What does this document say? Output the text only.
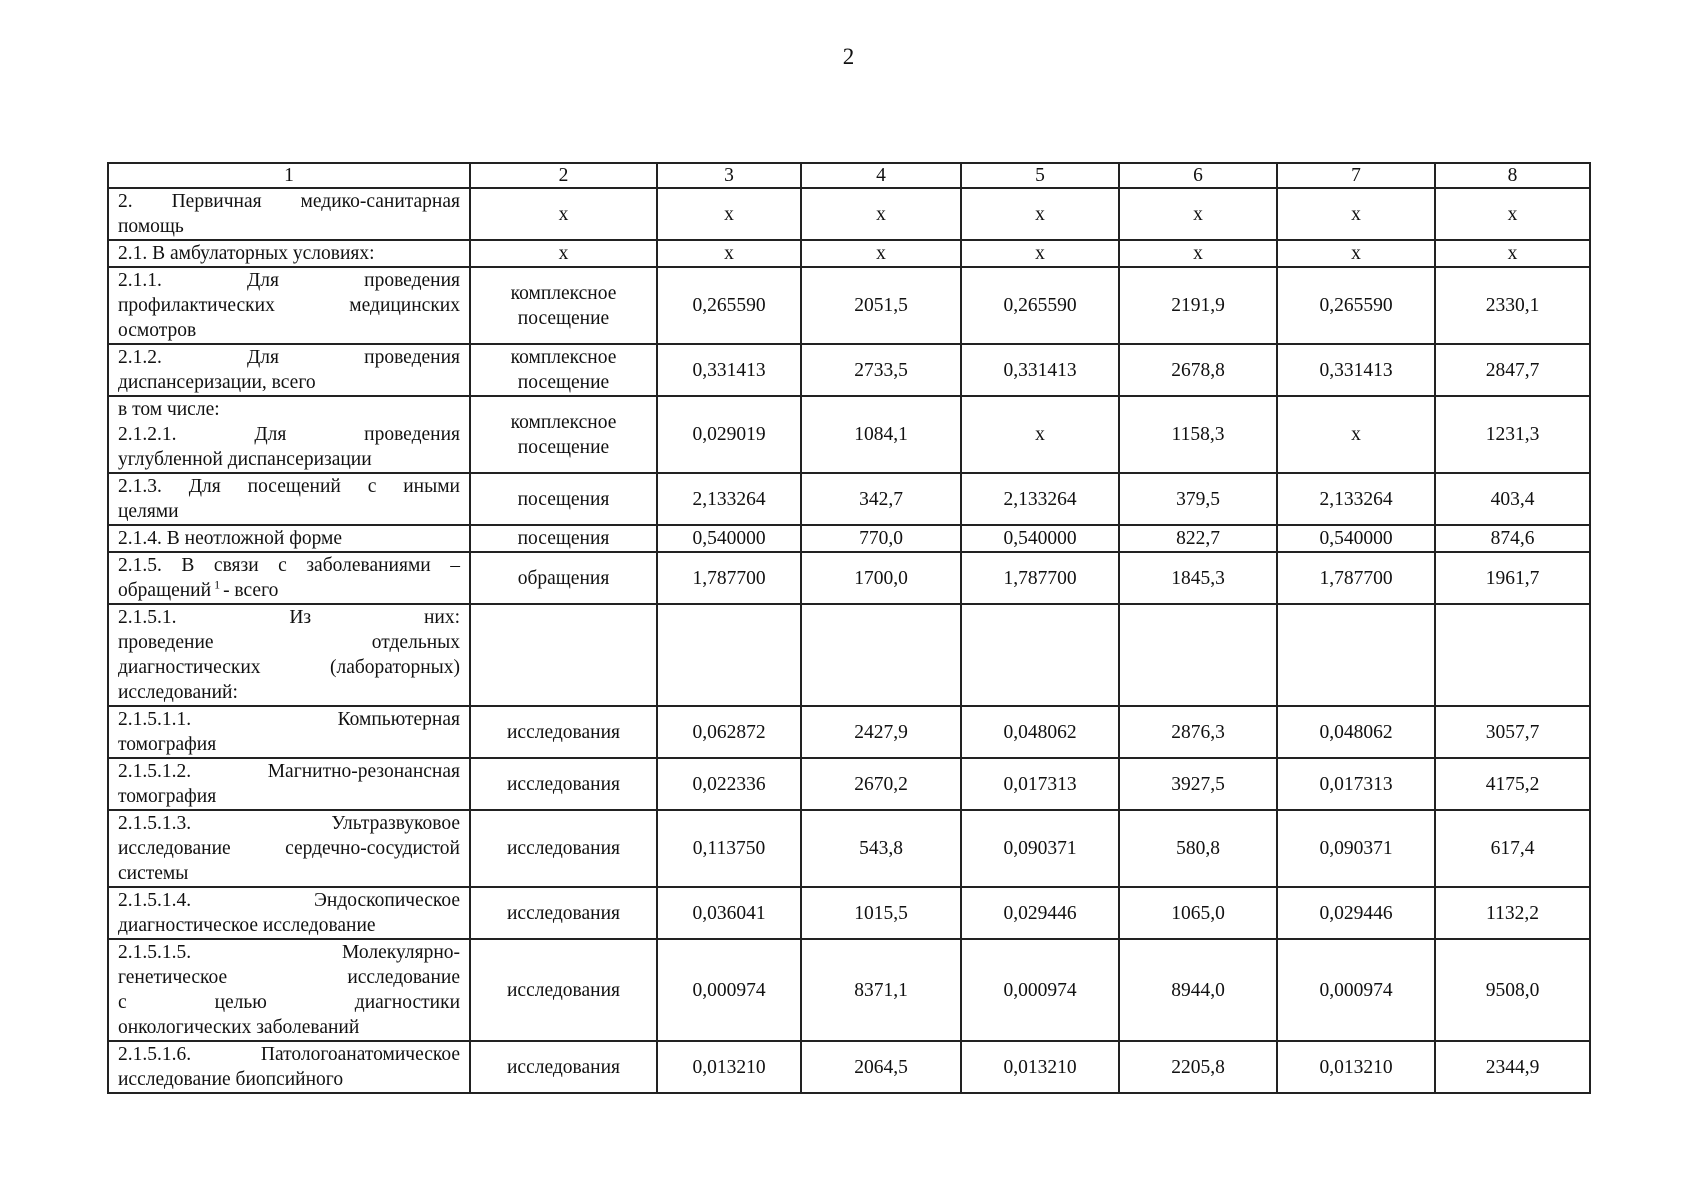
2
1	2	3	4	5	6	7	8

2. Первичная медико-санитарная
помощь	х	х	х	х	х	х	х

2.1. В амбулаторных условиях:	х	х	х	х	х	х	х

2.1.1. Для проведения
профилактических медицинских
осмотров	комплексное посещение	0,265590	2051,5	0,265590	2191,9	0,265590	2330,1

2.1.2. Для проведения
диспансеризации, всего	комплексное посещение	0,331413	2733,5	0,331413	2678,8	0,331413	2847,7

в том числе:
2.1.2.1. Для проведения
углубленной диспансеризации	комплексное посещение	0,029019	1084,1	х	1158,3	х	1231,3

2.1.3. Для посещений с иными
целями	посещения	2,133264	342,7	2,133264	379,5	2,133264	403,4

2.1.4. В неотложной форме	посещения	0,540000	770,0	0,540000	822,7	0,540000	874,6

2.1.5. В связи с заболеваниями –
обращений $^1$ - всего	обращения	1,787700	1700,0	1,787700	1845,3	1,787700	1961,7

2.1.5.1. Из них:
проведение отдельных
диагностических (лабораторных)
исследований:							

2.1.5.1.1. Компьютерная
томография	исследования	0,062872	2427,9	0,048062	2876,3	0,048062	3057,7

2.1.5.1.2. Магнитно-резонансная
томография	исследования	0,022336	2670,2	0,017313	3927,5	0,017313	4175,2

2.1.5.1.3. Ультразвуковое
исследование сердечно-сосудистой
системы	исследования	0,113750	543,8	0,090371	580,8	0,090371	617,4

2.1.5.1.4. Эндоскопическое
диагностическое исследование	исследования	0,036041	1015,5	0,029446	1065,0	0,029446	1132,2

2.1.5.1.5. Молекулярно-
генетическое исследование
с целью диагностики
онкологических заболеваний	исследования	0,000974	8371,1	0,000974	8944,0	0,000974	9508,0

2.1.5.1.6. Патологоанатомическое
исследование биопсийного	исследования	0,013210	2064,5	0,013210	2205,8	0,013210	2344,9
